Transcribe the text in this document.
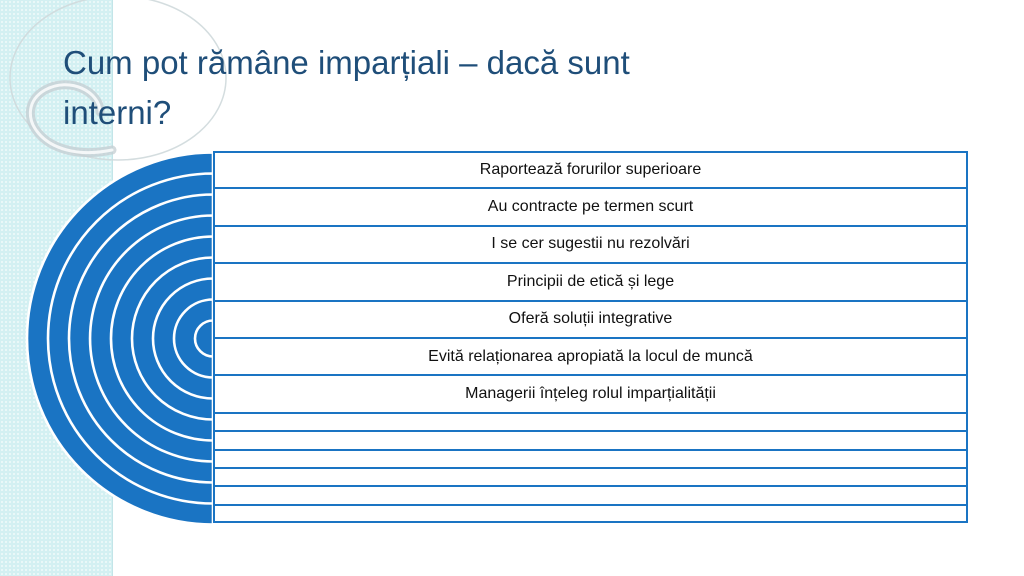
Cum pot rămâne imparțiali – dacă sunt
interni?
Raportează forurilor superioare
Au contracte pe termen scurt
I se cer sugestii nu rezolvări
Principii de etică și lege
Oferă soluții integrative
Evită relaționarea apropiată la locul de muncă
Managerii înțeleg rolul imparțialității
